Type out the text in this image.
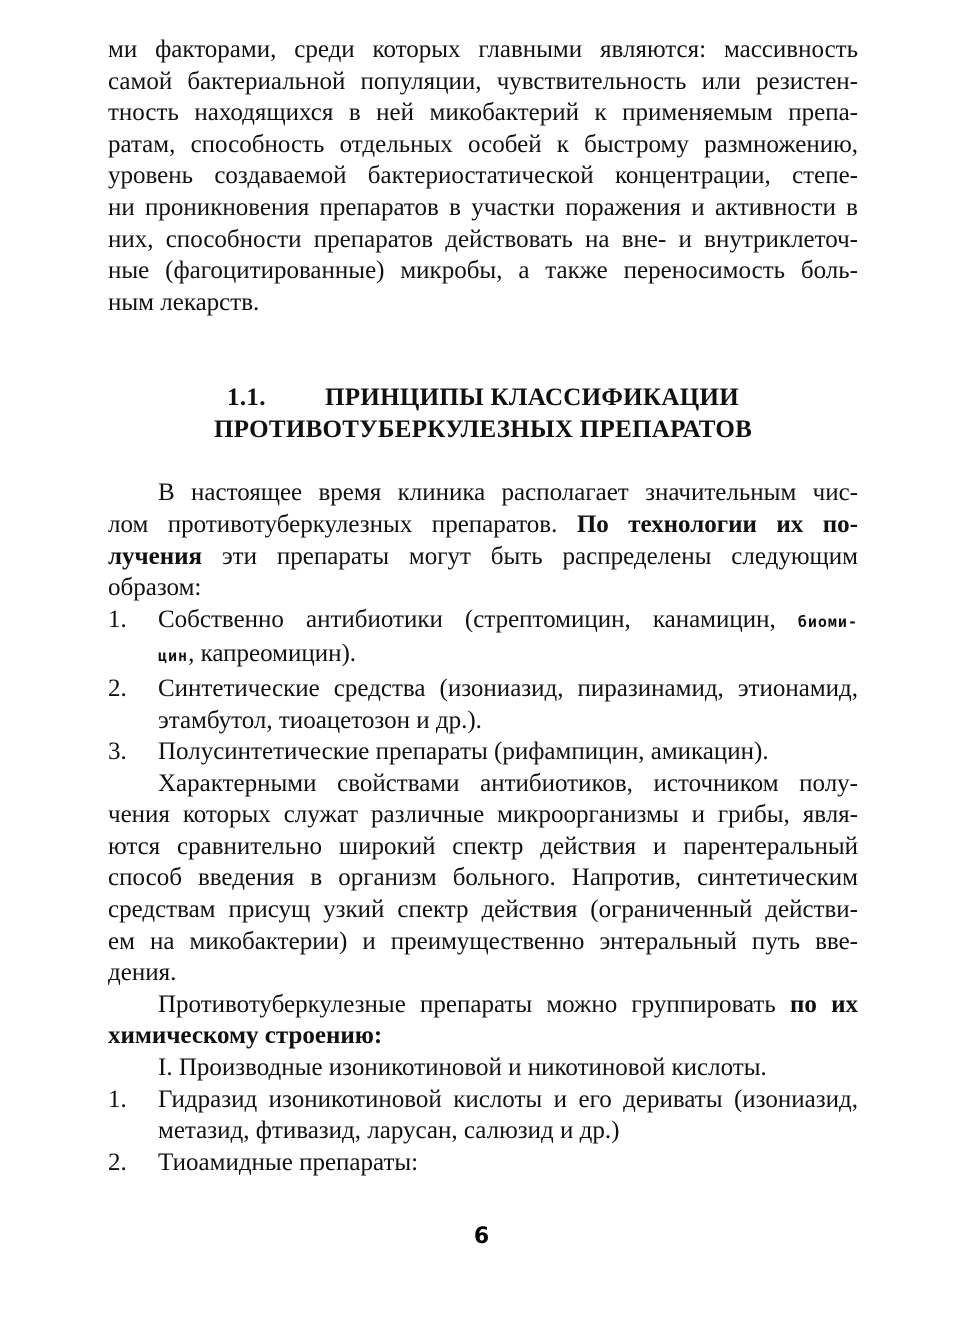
ми факторами, среди которых главными являются: массивность

самой бактериальной популяции, чувствительность или резистен-

тность находящихся в ней микобактерий к применяемым препа-

ратам, способность отдельных особей к быстрому размножению,

уровень создаваемой бактериостатической концентрации, степе-

ни проникновения препаратов в участки поражения и активности в

них, способности препаратов действовать на вне- и внутриклеточ-

ные (фагоцитированные) микробы, а также переносимость боль-

ным лекарств.

1.1. ПРИНЦИПЫ КЛАССИФИКАЦИИ
ПРОТИВОТУБЕРКУЛЕЗНЫХ ПРЕПАРАТОВ

В настоящее время клиника располагает значительным чис-

лом противотуберкулезных препаратов. По технологии их по-

лучения эти препараты могут быть распределены следующим

образом:

1. Собственно антибиотики (стрептомицин, канамицин, биоми-

цин, капреомицин).

2. Синтетические средства (изониазид, пиразинамид, этионамид,

этамбутол, тиоацетозон и др.).

3. Полусинтетические препараты (рифампицин, амикацин).

Характерными свойствами антибиотиков, источником полу-

чения которых служат различные микроорганизмы и грибы, явля-

ются сравнительно широкий спектр действия и парентеральный

способ введения в организм больного. Напротив, синтетическим

средствам присущ узкий спектр действия (ограниченный действи-

ем на микобактерии) и преимущественно энтеральный путь вве-

дения.

Противотуберкулезные препараты можно группировать по их

химическому строению:

I. Производные изоникотиновой и никотиновой кислоты.

1. Гидразид изоникотиновой кислоты и его дериваты (изониазид,

метазид, фтивазид, ларусан, салюзид и др.)

2. Тиоамидные препараты:

6
